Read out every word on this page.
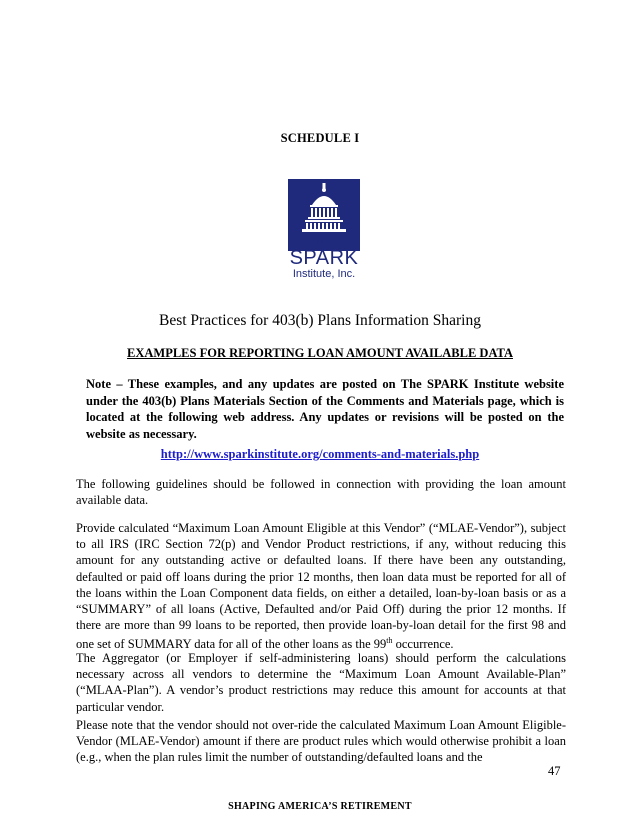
SCHEDULE I
THE
SPARK
Institute, Inc.
Best Practices for 403(b) Plans Information Sharing
EXAMPLES FOR REPORTING LOAN AMOUNT AVAILABLE DATA
Note – These examples, and any updates are posted on The SPARK Institute website under the 403(b) Plans Materials Section of the Comments and Materials page, which is located at the following web address. Any updates or revisions will be posted on the website as necessary.
http://www.sparkinstitute.org/comments-and-materials.php
The following guidelines should be followed in connection with providing the loan amount available data.
Provide calculated “Maximum Loan Amount Eligible at this Vendor” (“MLAE-Vendor”), subject to all IRS (IRC Section 72(p) and Vendor Product restrictions, if any, without reducing this amount for any outstanding active or defaulted loans. If there have been any outstanding, defaulted or paid off loans during the prior 12 months, then loan data must be reported for all of the loans within the Loan Component data fields, on either a detailed, loan-by-loan basis or as a “SUMMARY” of all loans (Active, Defaulted and/or Paid Off) during the prior 12 months. If there are more than 99 loans to be reported, then provide loan-by-loan detail for the first 98 and one set of SUMMARY data for all of the other loans as the 99th occurrence.
The Aggregator (or Employer if self-administering loans) should perform the calculations necessary across all vendors to determine the “Maximum Loan Amount Available-Plan” (“MLAA-Plan”). A vendor’s product restrictions may reduce this amount for accounts at that particular vendor.
Please note that the vendor should not over-ride the calculated Maximum Loan Amount Eligible-Vendor (MLAE-Vendor) amount if there are product rules which would otherwise prohibit a loan (e.g., when the plan rules limit the number of outstanding/defaulted loans and the
47
SHAPING AMERICA’S RETIREMENT
